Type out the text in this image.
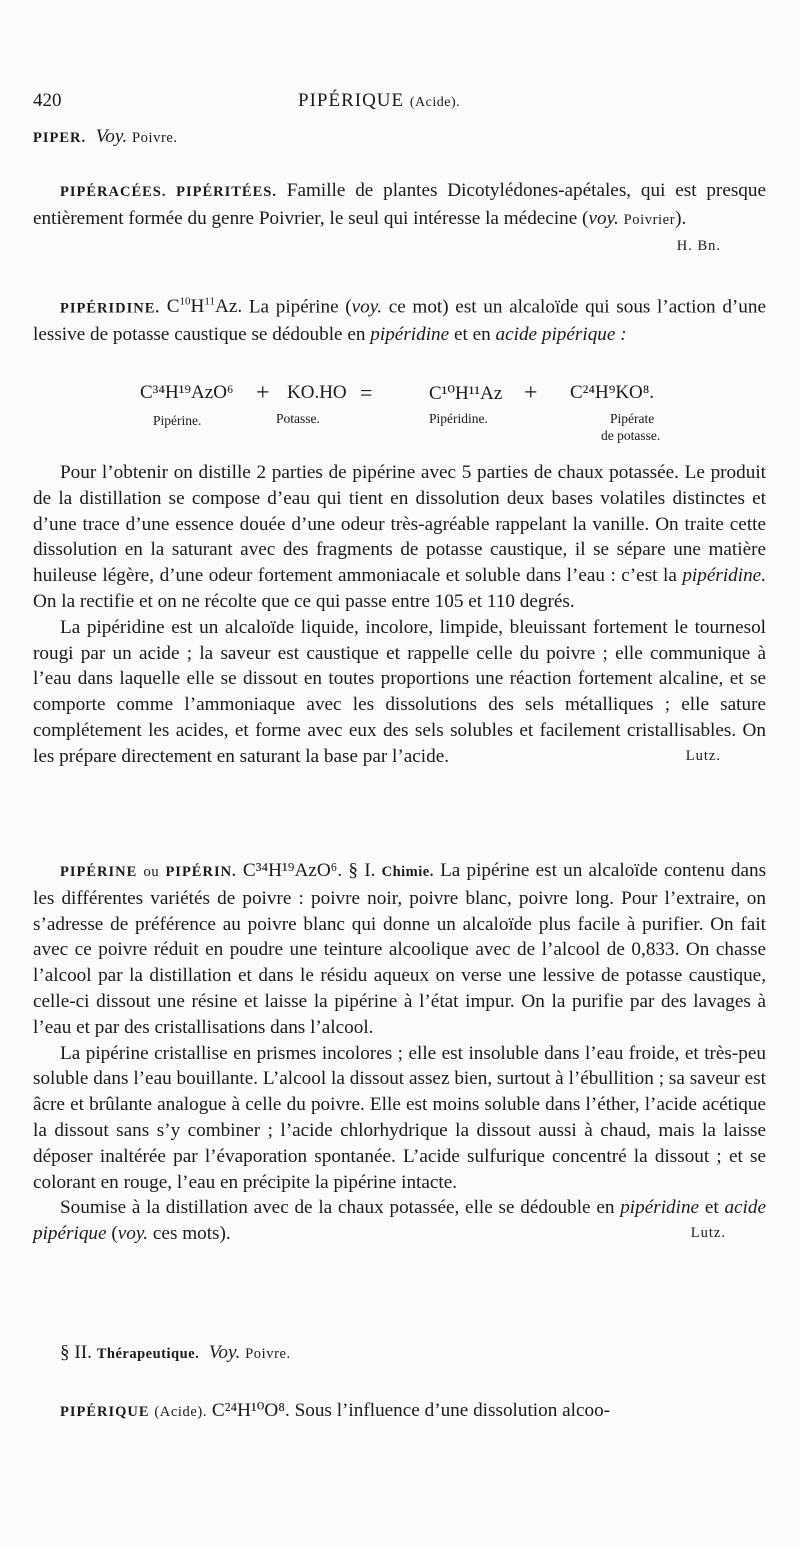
420	PIPÉRIQUE (Acide).
PIPER. Voy. Poivre.

PIPÉRACÉES. PIPÉRITÉES. Famille de plantes Dicotylédones-apétales, qui est presque entièrement formée du genre Poivrier, le seul qui intéresse la médecine (voy. Poivrier).
H. Bn.

PIPÉRIDINE. $C^{10}H^{11}Az$. La pipérine (voy. ce mot) est un alcaloïde qui sous l’action d’une lessive de potasse caustique se dédouble en pipéridine et en acide pipérique :

C³⁴H¹⁹AzO⁶ + KO.HO =	C¹⁰H¹¹Az + C²⁴H⁹KO⁸.
Pipérine.	Potasse.	Pipéridine.	Pipérate
de potasse.

Pour l’obtenir on distille 2 parties de pipérine avec 5 parties de chaux potassée. Le produit de la distillation se compose d’eau qui tient en dissolution deux bases volatiles distinctes et d’une trace d’une essence douée d’une odeur très-agréable rappelant la vanille. On traite cette dissolution en la saturant avec des fragments de potasse caustique, il se sépare une matière huileuse légère, d’une odeur fortement ammoniacale et soluble dans l’eau : c’est la pipéridine. On la rectifie et on ne récolte que ce qui passe entre 105 et 110 degrés.

La pipéridine est un alcaloïde liquide, incolore, limpide, bleuissant fortement le tournesol rougi par un acide ; la saveur est caustique et rappelle celle du poivre ; elle communique à l’eau dans laquelle elle se dissout en toutes proportions une réaction fortement alcaline, et se comporte comme l’ammoniaque avec les dissolutions des sels métalliques ; elle sature complétement les acides, et forme avec eux des sels solubles et facilement cristallisables. On les prépare directement en saturant la base par l’acide.	Lutz.

PIPÉRINE ou PIPÉRIN. C³⁴H¹⁹AzO⁶. § I. Chimie. La pipérine est un alcaloïde contenu dans les différentes variétés de poivre : poivre noir, poivre blanc, poivre long. Pour l’extraire, on s’adresse de préférence au poivre blanc qui donne un alcaloïde plus facile à purifier. On fait avec ce poivre réduit en poudre une teinture alcoolique avec de l’alcool de 0,833. On chasse l’alcool par la distillation et dans le résidu aqueux on verse une lessive de potasse caustique, celle-ci dissout une résine et laisse la pipérine à l’état impur. On la purifie par des lavages à l’eau et par des cristallisations dans l’alcool.

La pipérine cristallise en prismes incolores ; elle est insoluble dans l’eau froide, et très-peu soluble dans l’eau bouillante. L’alcool la dissout assez bien, surtout à l’ébullition ; sa saveur est âcre et brûlante analogue à celle du poivre. Elle est moins soluble dans l’éther, l’acide acétique la dissout sans s’y combiner ; l’acide chlorhydrique la dissout aussi à chaud, mais la laisse déposer inaltérée par l’évaporation spontanée. L’acide sulfurique concentré la dissout ; et se colorant en rouge, l’eau en précipite la pipérine intacte.

Soumise à la distillation avec de la chaux potassée, elle se dédouble en pipéridine et acide pipérique (voy. ces mots).	Lutz.

§ II. Thérapeutique. Voy. Poivre.

PIPÉRIQUE (Acide). C²⁴H¹⁰O⁸. Sous l’influence d’une dissolution alcoo-
